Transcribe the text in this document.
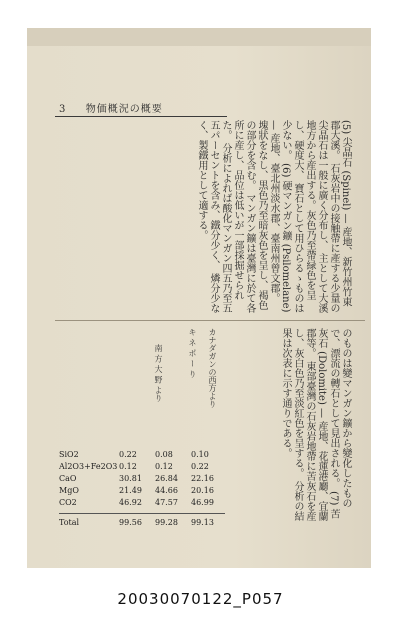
3 　 物価概況の概要
(5) 尖晶石 (Spinel) — 産地、新竹州竹東郡大溪。 石灰岩中の接触帶に產する少量の尖晶石は一般に廣く分布し、 主として大溪地方から産出する。灰色乃至帶緑色を呈し、硬度大、 寶石として用ひらるゝものは少ない。 (6) 硬マンガン鑛 (Psilomelane) — 産地、臺北州淡水郡、臺南州曾文郡。 塊狀をなし、黒色乃至暗灰色を呈し、褐色の部分を含む。 マンガン鑛は臺灣に於て各所に産し、品位は低いが一部採掘せられた。 分析によれば酸化マンガン四五乃至五五パーセントを含み、鐵分少く、 燐分少なく、製鐵用として適する。
のものは變マンガン鑛から變化したもので、漂流の轉石として見出される。 (7) 苦灰石 (Dolomite) — 産地、花蓮港廳、宜蘭郡等。 東部臺灣の石灰岩地帶に苦灰石を産し、灰白色乃至淡紅色を呈する。 分析の結果は次表に示す通りである。
カナダガンの西方より
キ ネ ポ ー り
南 方 大 野 より
SiO2	0.22 0.08 0.10
Al2O3+Fe2O3 0.12 0.12 0.22
CaO	30.81 26.84 22.16
MgO	21.49 44.66 20.16
CO2	46.92 47.57 46.99
Total	99.56 99.28 99.13
20030070122_P057
